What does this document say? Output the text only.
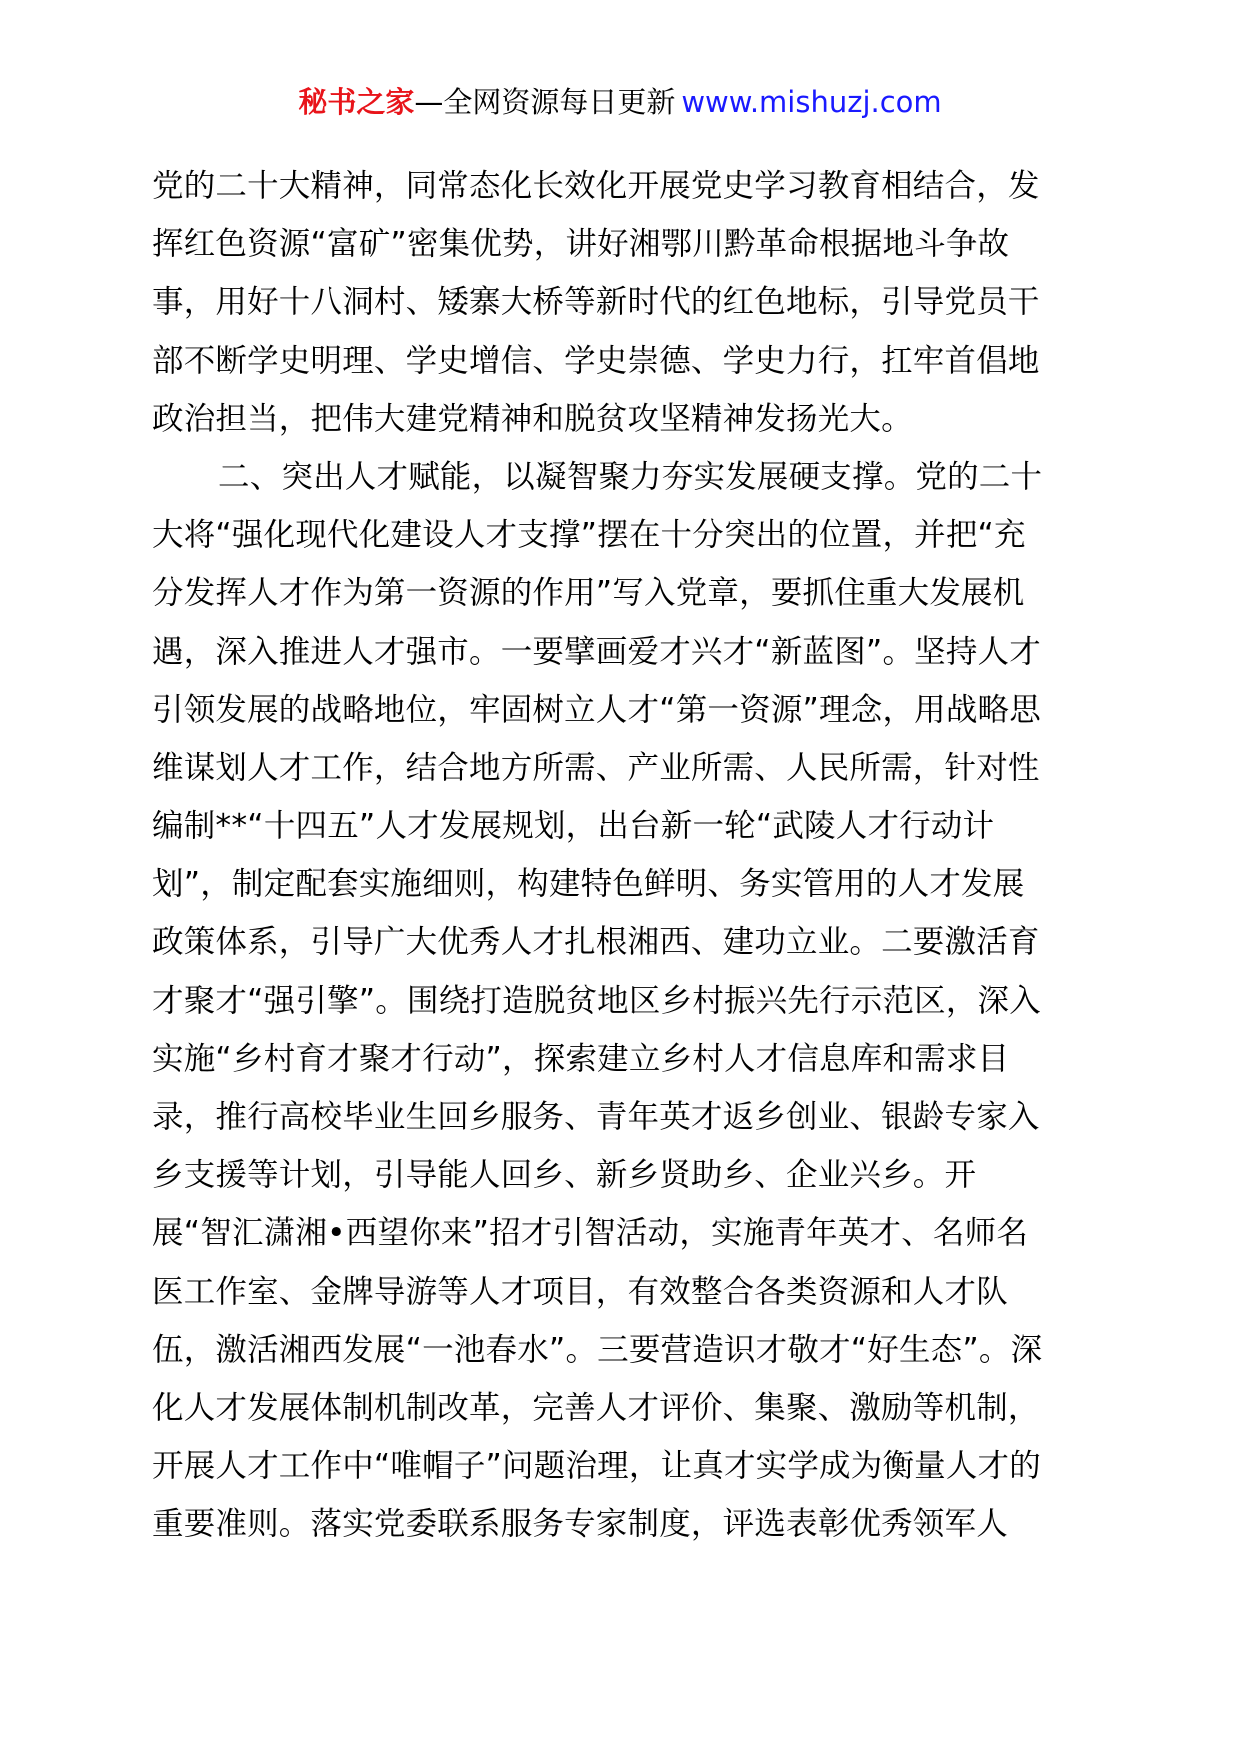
秘书之家—全网资源每日更新 www.mishuzj.com
党的二十大精神，同常态化长效化开展党史学习教育相结合，发
挥红色资源“富矿”密集优势，讲好湘鄂川黔革命根据地斗争故
事，用好十八洞村、矮寨大桥等新时代的红色地标，引导党员干
部不断学史明理、学史增信、学史崇德、学史力行，扛牢首倡地
政治担当，把伟大建党精神和脱贫攻坚精神发扬光大。
二、突出人才赋能，以凝智聚力夯实发展硬支撑。党的二十
大将“强化现代化建设人才支撑”摆在十分突出的位置，并把“充
分发挥人才作为第一资源的作用”写入党章，要抓住重大发展机
遇，深入推进人才强市。一要擘画爱才兴才“新蓝图”。坚持人才
引领发展的战略地位，牢固树立人才“第一资源”理念，用战略思
维谋划人才工作，结合地方所需、产业所需、人民所需，针对性
编制**“十四五”人才发展规划，出台新一轮“武陵人才行动计
划”，制定配套实施细则，构建特色鲜明、务实管用的人才发展
政策体系，引导广大优秀人才扎根湘西、建功立业。二要激活育
才聚才“强引擎”。围绕打造脱贫地区乡村振兴先行示范区，深入
实施“乡村育才聚才行动”，探索建立乡村人才信息库和需求目
录，推行高校毕业生回乡服务、青年英才返乡创业、银龄专家入
乡支援等计划，引导能人回乡、新乡贤助乡、企业兴乡。开
展“智汇潇湘•西望你来”招才引智活动，实施青年英才、名师名
医工作室、金牌导游等人才项目，有效整合各类资源和人才队
伍，激活湘西发展“一池春水”。三要营造识才敬才“好生态”。深
化人才发展体制机制改革，完善人才评价、集聚、激励等机制，
开展人才工作中“唯帽子”问题治理，让真才实学成为衡量人才的
重要准则。落实党委联系服务专家制度，评选表彰优秀领军人
